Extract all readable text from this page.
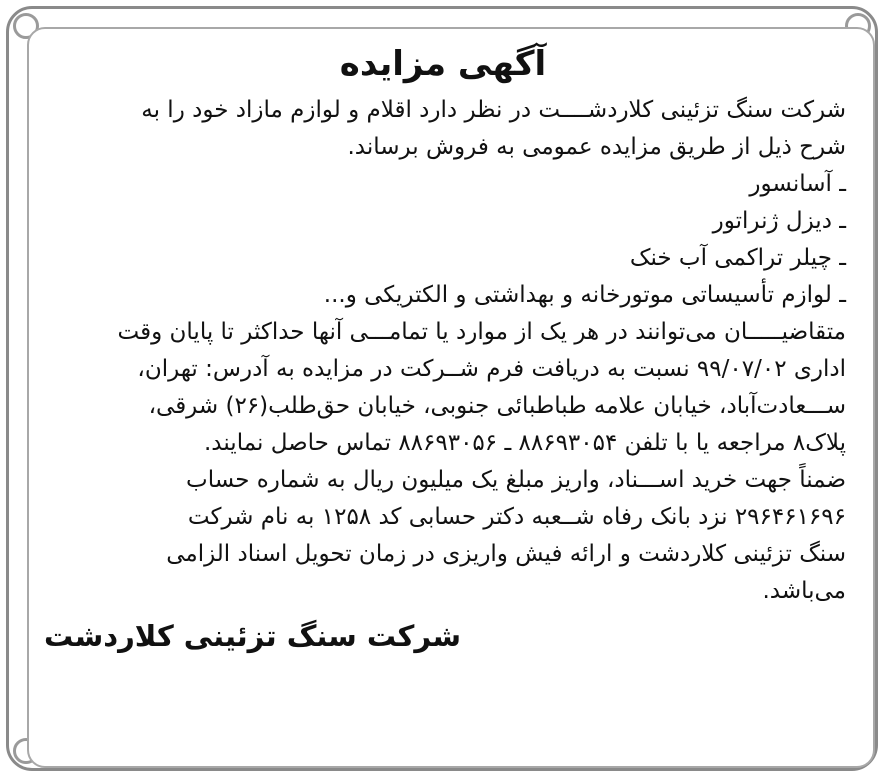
آگهی مزایده

شرکت سنگ تزئینی کلاردشــــت در نظر دارد اقلام و لوازم مازاد خود را به

شرح ذیل از طریق مزایده عمومی به فروش برساند.

ـ آسانسور

ـ دیزل ژنراتور

ـ چیلر تراکمی آب خنک

ـ لوازم تأسیساتی موتورخانه و بهداشتی و الکتریکی و...

متقاضیـــــان می‌توانند در هر یک از موارد یا تمامـــی آنها حداکثر تا پایان وقت

اداری ۹۹/۰۷/۰۲ نسبت به دریافت فرم شــرکت در مزایده به آدرس: تهران،

ســـعادت‌آباد، خیابان علامه طباطبائی جنوبی، خیابان حق‌طلب(۲۶) شرقی،

پلاک۸ مراجعه یا با تلفن ۸۸۶۹۳۰۵۴ ـ ۸۸۶۹۳۰۵۶ تماس حاصل نمایند.

ضمناً جهت خرید اســـناد، واریز مبلغ یک میلیون ریال به شماره حساب

۲۹۶۴۶۱۶۹۶ نزد بانک رفاه شــعبه دکتر حسابی کد ۱۲۵۸ به نام شرکت

سنگ تزئینی کلاردشت و ارائه فیش واریزی در زمان تحویل اسناد الزامی

می‌باشد.

شرکت سنگ تزئینی کلاردشت
